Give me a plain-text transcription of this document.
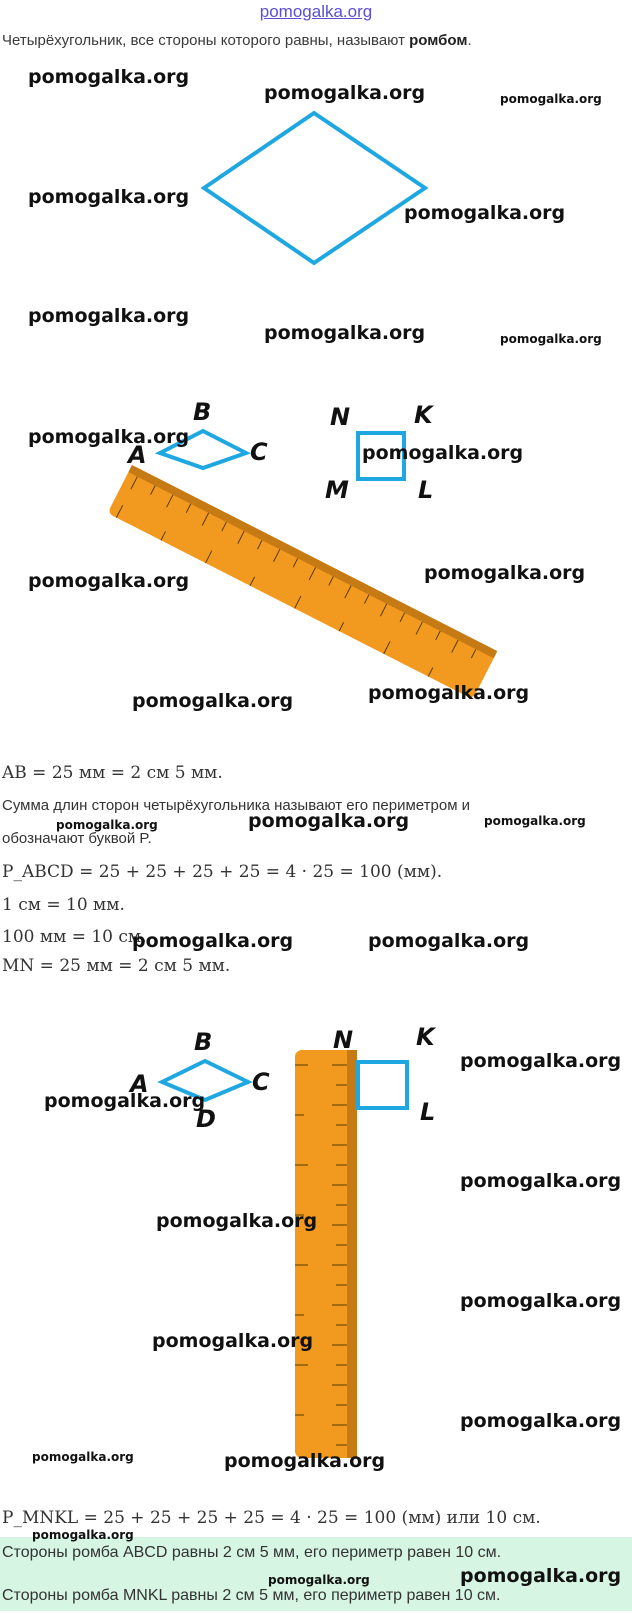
pomogalka.org
Четырёхугольник, все стороны которого равны, называют ромбом.
A
B
C
N	K
M	L
AB = 25 мм = 2 см 5 мм.
Сумма длин сторон четырёхугольника называют его периметром и
обозначают буквой P.
P_ABCD = 25 + 25 + 25 + 25 = 4 · 25 = 100 (мм).
1 см = 10 мм.
100 мм = 10 см.
MN = 25 мм = 2 см 5 мм.
A
B
C
D
N	K
L
P_MNKL = 25 + 25 + 25 + 25 = 4 · 25 = 100 (мм) или 10 см.
Стороны ромба ABCD равны 2 см 5 мм, его периметр равен 10 см.
Стороны ромба MNKL равны 2 см 5 мм, его периметр равен 10 см.
pomogalka.org
pomogalka.org	pomogalka.org
pomogalka.org
pomogalka.org
pomogalka.org
pomogalka.org	pomogalka.org
pomogalka.org
pomogalka.org
pomogalka.org	pomogalka.org
pomogalka.org	pomogalka.org
pomogalka.org	pomogalka.org	pomogalka.org
pomogalka.org	pomogalka.org
pomogalka.org
pomogalka.org
pomogalka.org
pomogalka.org
pomogalka.org
pomogalka.org
pomogalka.org
pomogalka.org	pomogalka.org
pomogalka.org
pomogalka.org	pomogalka.org
